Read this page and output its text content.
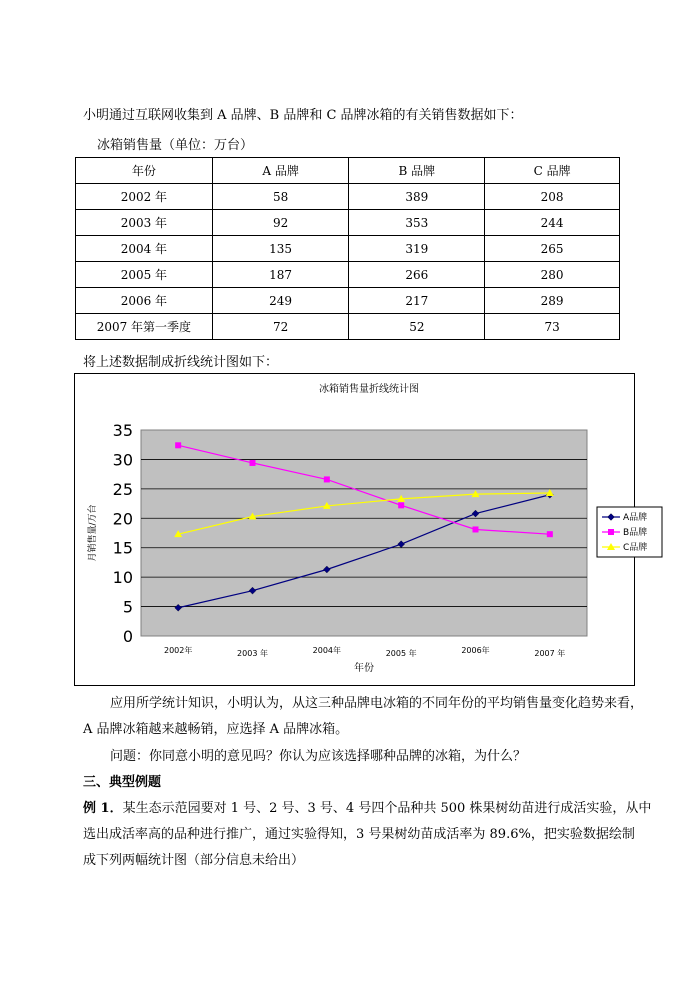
小明通过互联网收集到 A 品牌、B 品牌和 C 品牌冰箱的有关销售数据如下：
冰箱销售量（单位：万台）
年份	A 品牌	B 品牌	C 品牌
2002 年	58	389	208
2003 年	92	353	244
2004 年	135	319	265
2005 年	187	266	280
2006 年	249	217	289
2007 年第一季度	72	52	73
将上述数据制成折线统计图如下：
冰箱销售量折线统计图
0
5
10
15
20
25
30
35
2002年	2003 年	2004年	2005 年	2006年	2007 年
月销售量/万台
年份
A品牌
B品牌
C品牌
应用所学统计知识，小明认为，从这三种品牌电冰箱的不同年份的平均销售量变化趋势来看，
A 品牌冰箱越来越畅销，应选择 A 品牌冰箱。
问题：你同意小明的意见吗？你认为应该选择哪种品牌的冰箱，为什么？
三、典型例题
例 1．某生态示范园要对 1 号、2 号、3 号、4 号四个品种共 500 株果树幼苗进行成活实验，从中
选出成活率高的品种进行推广，通过实验得知，3 号果树幼苗成活率为 89.6%，把实验数据绘制
成下列两幅统计图（部分信息未给出）
